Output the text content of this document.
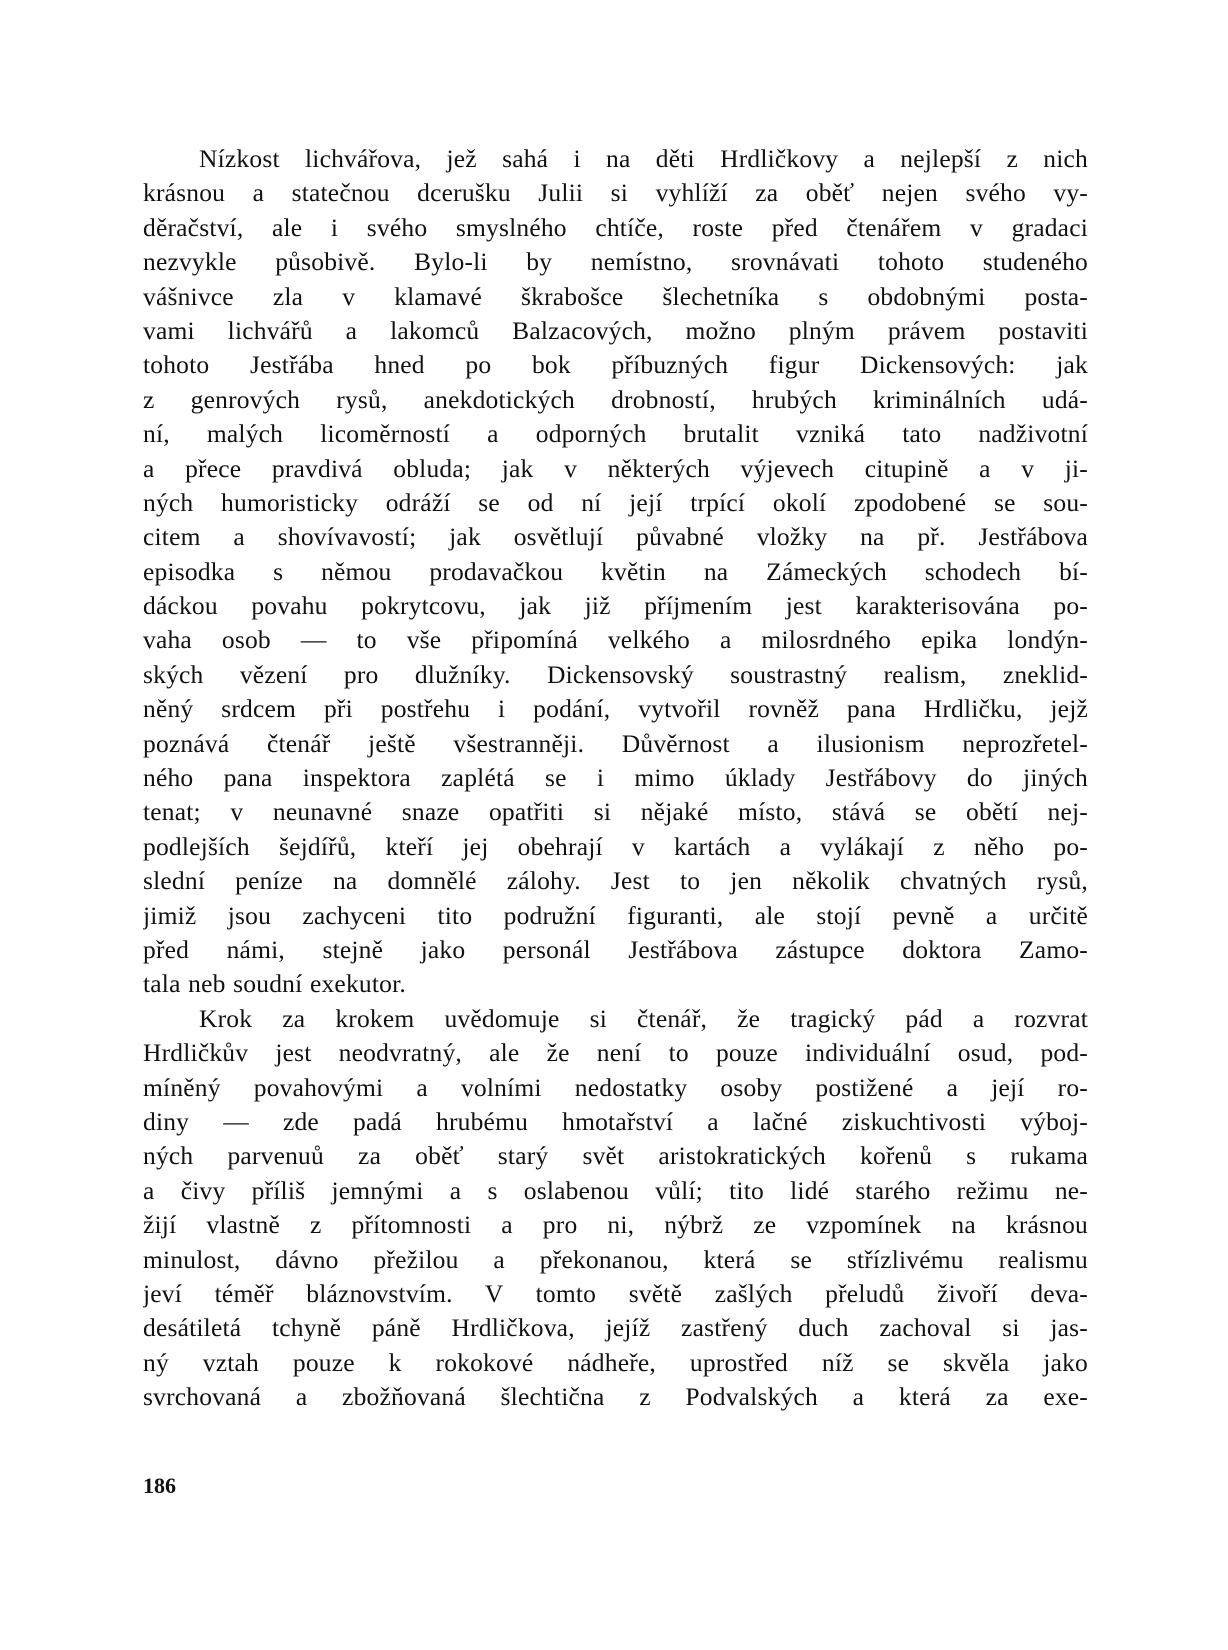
Nízkost lichvářova, jež sahá i na děti Hrdličkovy a nejlepší z nich
krásnou a statečnou dcerušku Julii si vyhlíží za oběť nejen svého vy-
děračství, ale i svého smyslného chtíče, roste před čtenářem v gradaci
nezvykle působivě. Bylo-li by nemístno, srovnávati tohoto studeného
vášnivce zla v klamavé škrabošce šlechetníka s obdobnými posta-
vami lichvářů a lakomců Balzacových, možno plným právem postaviti
tohoto Jestřába hned po bok příbuzných figur Dickensových: jak
z genrových rysů, anekdotických drobností, hrubých kriminálních udá-
ní, malých licoměrností a odporných brutalit vzniká tato nadživotní
a přece pravdivá obluda; jak v některých výjevech citupině a v ji-
ných humoristicky odráží se od ní její trpící okolí zpodobené se sou-
citem a shovívavostí; jak osvětlují půvabné vložky na př. Jestřábova
episodka s němou prodavačkou květin na Zámeckých schodech bí-
dáckou povahu pokrytcovu, jak již příjmením jest karakterisována po-
vaha osob — to vše připomíná velkého a milosrdného epika londýn-
ských vězení pro dlužníky. Dickensovský soustrastný realism, zneklid-
něný srdcem při postřehu i podání, vytvořil rovněž pana Hrdličku, jejž
poznává čtenář ještě všestranněji. Důvěrnost a ilusionism neprozřetel-
ného pana inspektora zaplétá se i mimo úklady Jestřábovy do jiných
tenat; v neunavné snaze opatřiti si nějaké místo, stává se obětí nej-
podlejších šejdířů, kteří jej obehrají v kartách a vylákají z něho po-
slední peníze na domnělé zálohy. Jest to jen několik chvatných rysů,
jimiž jsou zachyceni tito podružní figuranti, ale stojí pevně a určitě
před námi, stejně jako personál Jestřábova zástupce doktora Zamo-
tala neb soudní exekutor.
Krok za krokem uvědomuje si čtenář, že tragický pád a rozvrat
Hrdličkův jest neodvratný, ale že není to pouze individuální osud, pod-
míněný povahovými a volními nedostatky osoby postižené a její ro-
diny — zde padá hrubému hmotařství a lačné ziskuchtivosti výboj-
ných parvenuů za oběť starý svět aristokratických kořenů s rukama
a čivy příliš jemnými a s oslabenou vůlí; tito lidé starého režimu ne-
žijí vlastně z přítomnosti a pro ni, nýbrž ze vzpomínek na krásnou
minulost, dávno přežilou a překonanou, která se střízlivému realismu
jeví téměř bláznovstvím. V tomto světě zašlých přeludů živoří deva-
desátiletá tchyně páně Hrdličkova, jejíž zastřený duch zachoval si jas-
ný vztah pouze k rokokové nádheře, uprostřed níž se skvěla jako
svrchovaná a zbožňovaná šlechtična z Podvalských a která za exe-
186
